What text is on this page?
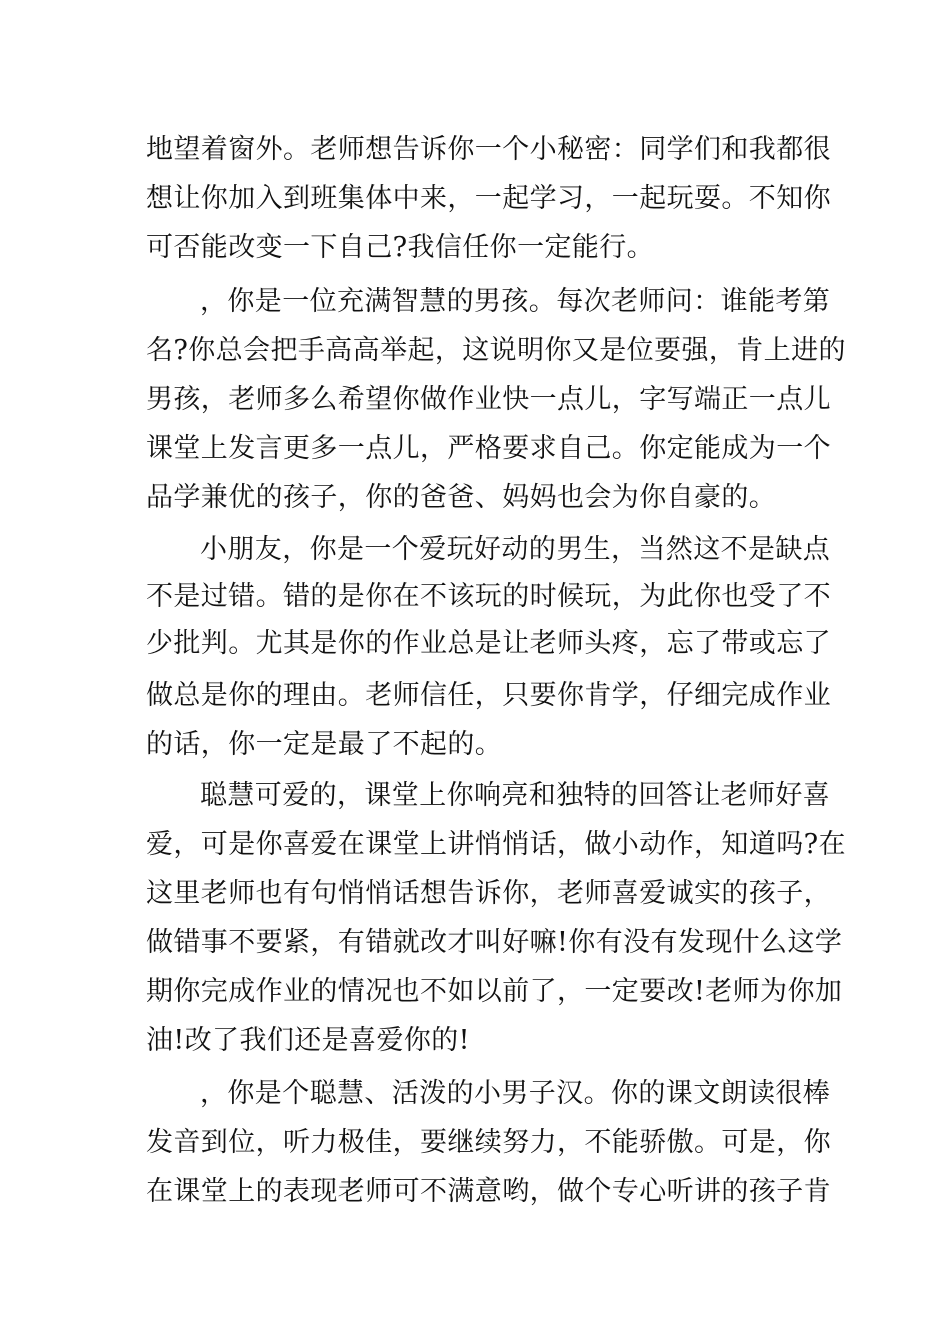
地望着窗外。老师想告诉你一个小秘密：同学们和我都很
想让你加入到班集体中来，一起学习，一起玩耍。不知你
可否能改变一下自己?我信任你一定能行。
，你是一位充满智慧的男孩。每次老师问：谁能考第
名?你总会把手高高举起，这说明你又是位要强，肯上进的
男孩，老师多么希望你做作业快一点儿，字写端正一点儿
课堂上发言更多一点儿，严格要求自己。你定能成为一个
品学兼优的孩子，你的爸爸、妈妈也会为你自豪的。
小朋友，你是一个爱玩好动的男生，当然这不是缺点
不是过错。错的是你在不该玩的时候玩，为此你也受了不
少批判。尤其是你的作业总是让老师头疼，忘了带或忘了
做总是你的理由。老师信任，只要你肯学，仔细完成作业
的话，你一定是最了不起的。
聪慧可爱的，课堂上你响亮和独特的回答让老师好喜
爱，可是你喜爱在课堂上讲悄悄话，做小动作，知道吗?在
这里老师也有句悄悄话想告诉你，老师喜爱诚实的孩子，
做错事不要紧，有错就改才叫好嘛!你有没有发现什么这学
期你完成作业的情况也不如以前了，一定要改!老师为你加
油!改了我们还是喜爱你的!
，你是个聪慧、活泼的小男子汉。你的课文朗读很棒
发音到位，听力极佳，要继续努力，不能骄傲。可是，你
在课堂上的表现老师可不满意哟，做个专心听讲的孩子肯
